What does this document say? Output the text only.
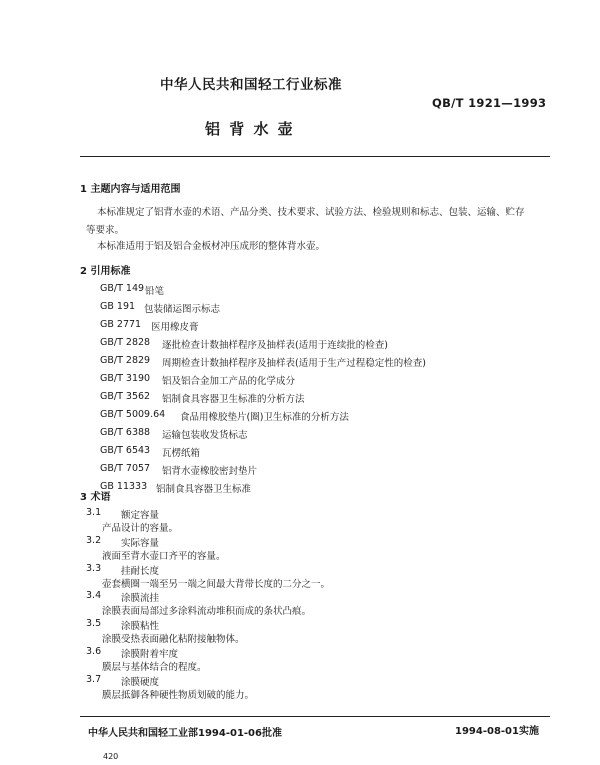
中华人民共和国轻工行业标准
QB/T 1921—1993
铝 背 水 壶
1 主题内容与适用范围
本标准规定了铝背水壶的术语、产品分类、技术要求、试验方法、检验规则和标志、包装、运输、贮存
等要求。
本标准适用于铝及铝合金板材冲压成形的整体背水壶。
2 引用标准
GB/T 149 铅笔
GB 191 包装储运图示标志
GB 2771 医用橡皮膏
GB/T 2828 逐批检查计数抽样程序及抽样表(适用于连续批的检查)
GB/T 2829 周期检查计数抽样程序及抽样表(适用于生产过程稳定性的检查)
GB/T 3190 铝及铝合金加工产品的化学成分
GB/T 3562 铝制食具容器卫生标准的分析方法
GB/T 5009.64 食品用橡胶垫片(圈)卫生标准的分析方法
GB/T 6388 运输包装收发货标志
GB/T 6543 瓦楞纸箱
GB/T 7057 铝背水壶橡胶密封垫片
GB 11333 铝制食具容器卫生标准
3 术语
3.1 额定容量
产品设计的容量。
3.2 实际容量
液面至背水壶口齐平的容量。
3.3 挂耐长度
壶套横圈一端至另一端之间最大背带长度的二分之一。
3.4 涂膜流挂
涂膜表面局部过多涂料流动堆积而成的条状凸痕。
3.5 涂膜粘性
涂膜受热表面融化粘附接触物体。
3.6 涂膜附着牢度
膜层与基体结合的程度。
3.7 涂膜硬度
膜层抵御各种硬性物质划破的能力。
中华人民共和国轻工业部1994-01-06批准	1994-08-01实施
420
